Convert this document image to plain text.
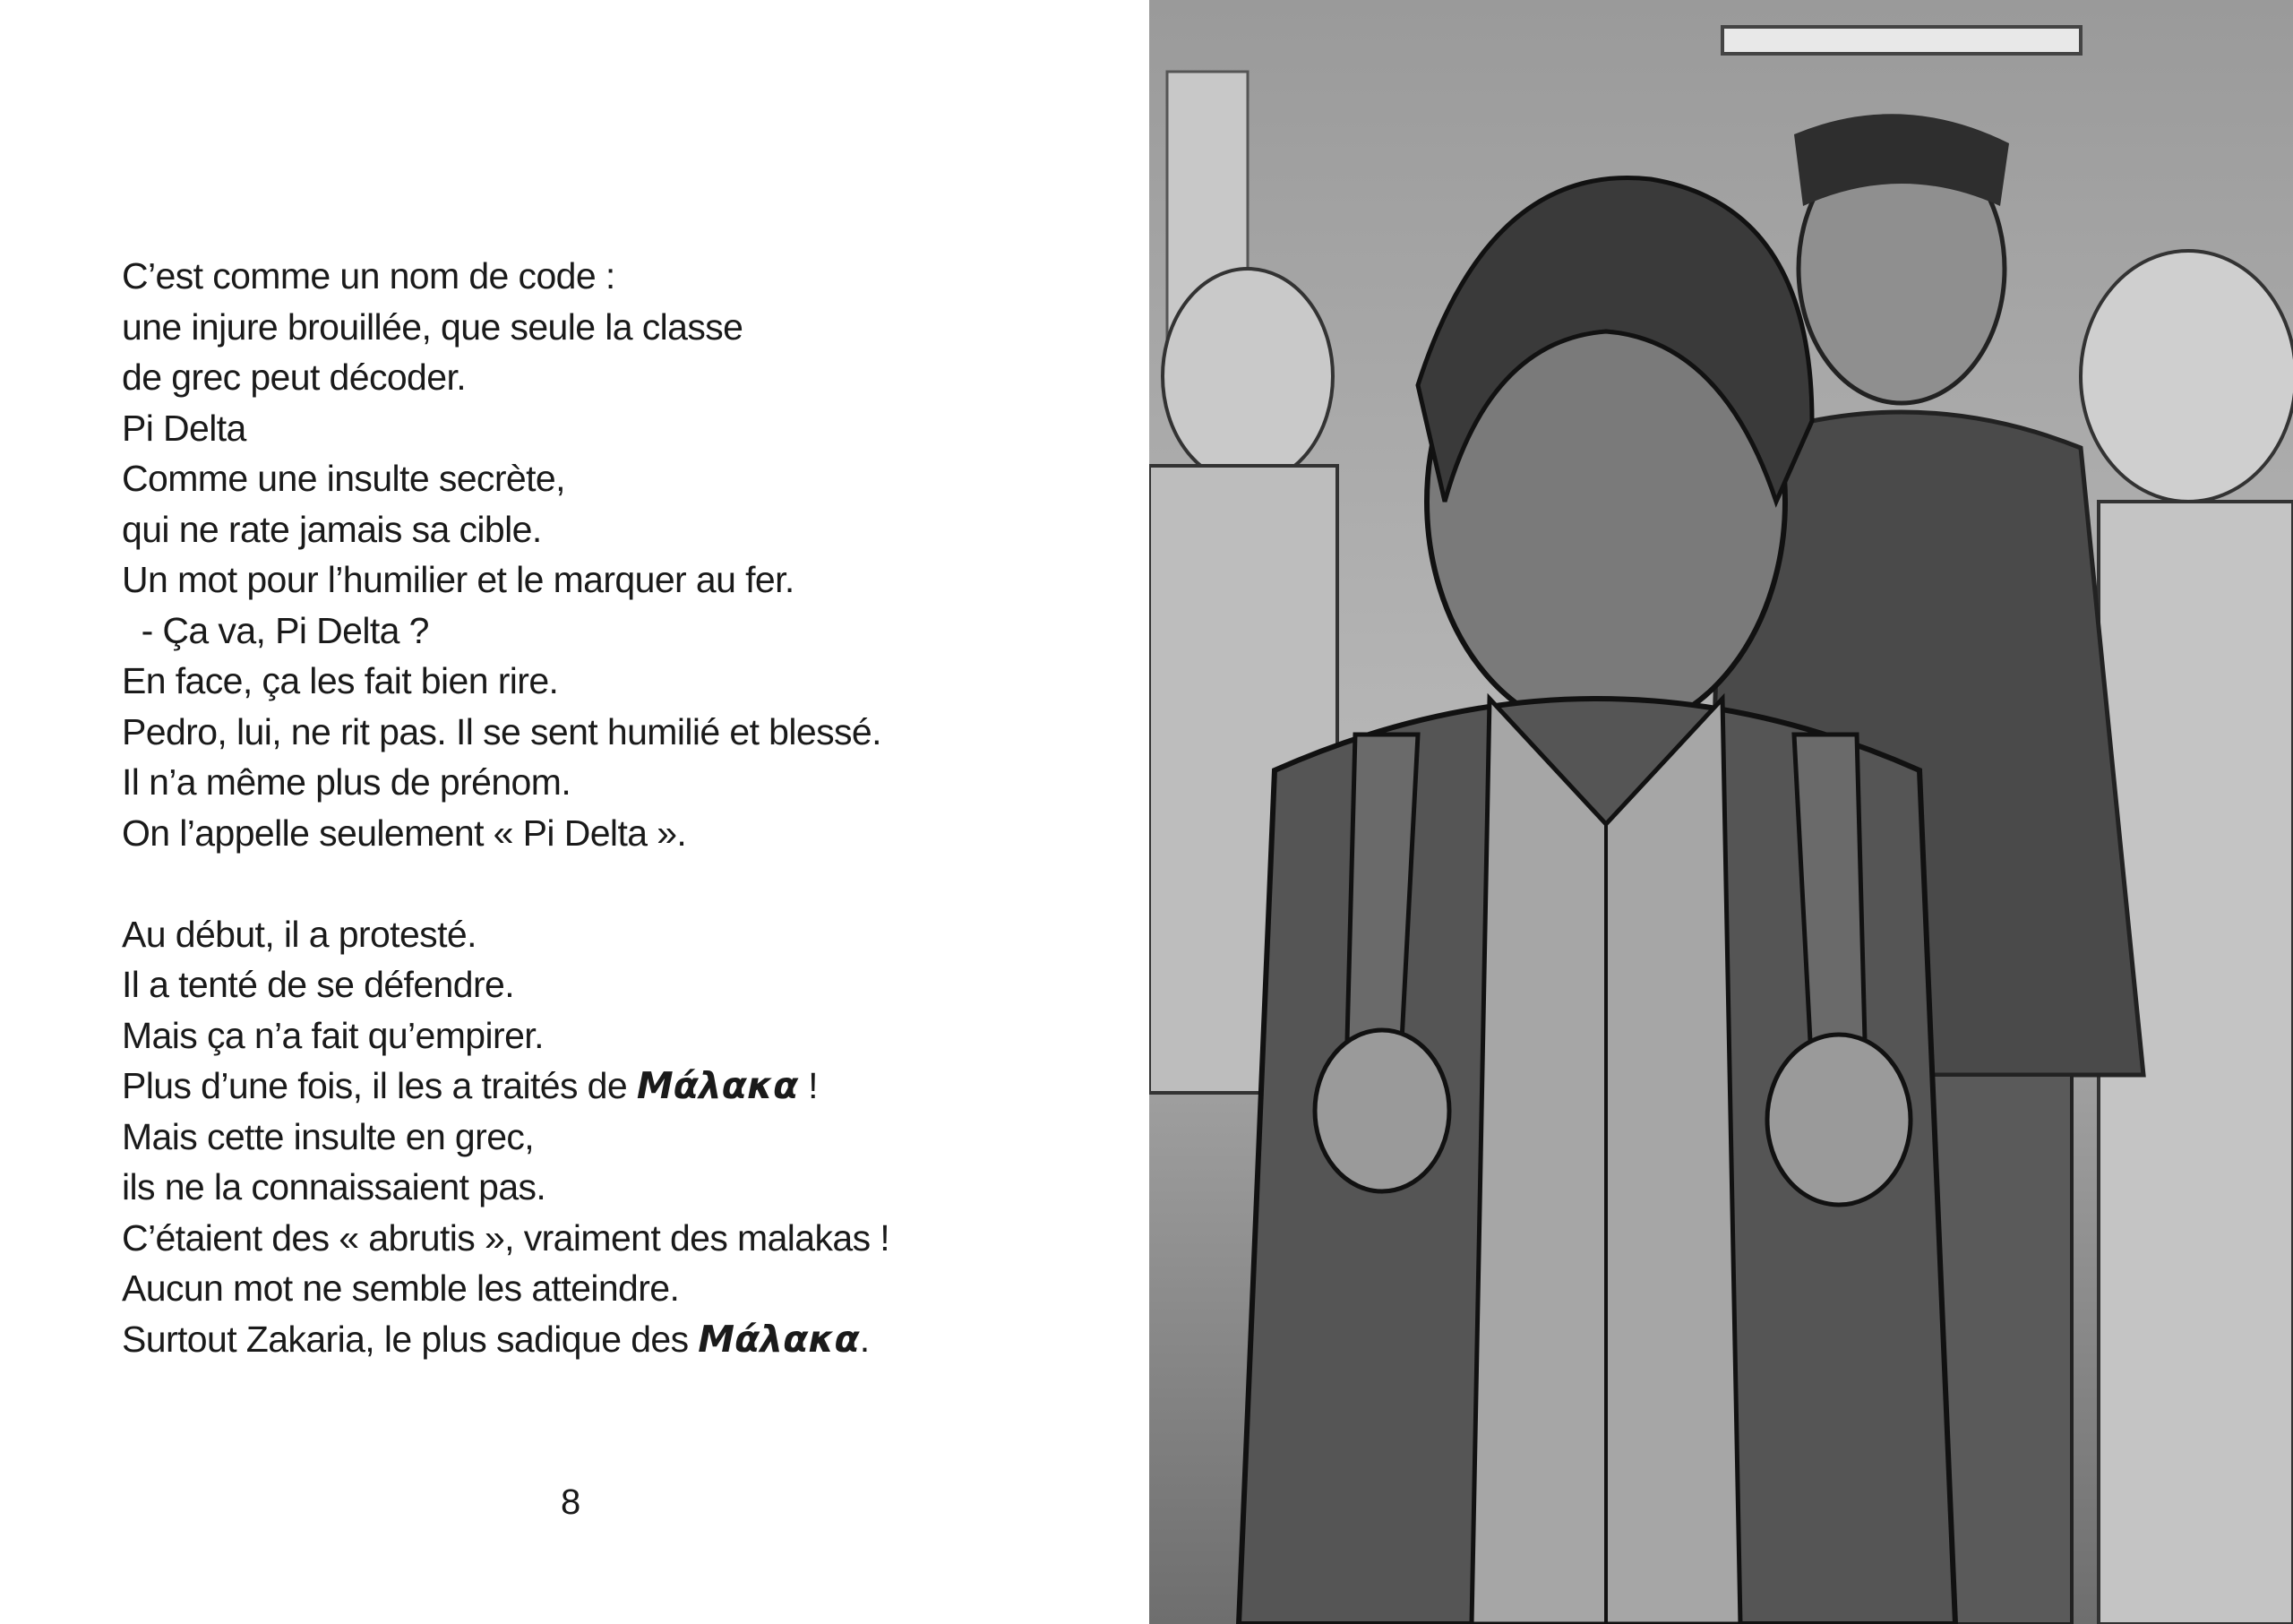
C’est comme un nom de code :
une injure brouillée, que seule la classe
de grec peut décoder.
Pi Delta
Comme une insulte secrète,
qui ne rate jamais sa cible.
Un mot pour l’humilier et le marquer au fer.
- Ça va, Pi Delta ?
En face, ça les fait bien rire.
Pedro, lui, ne rit pas. Il se sent humilié et blessé.
Il n’a même plus de prénom.
On l’appelle seulement « Pi Delta ».
Au début, il a protesté.
Il a tenté de se défendre.
Mais ça n’a fait qu’empirer.
Plus d’une fois, il les a traités de Μάλακα !
Mais cette insulte en grec,
ils ne la connaissaient pas.
C’étaient des « abrutis », vraiment des malakas !
Aucun mot ne semble les atteindre.
Surtout Zakaria, le plus sadique des Μάλακα.
8
